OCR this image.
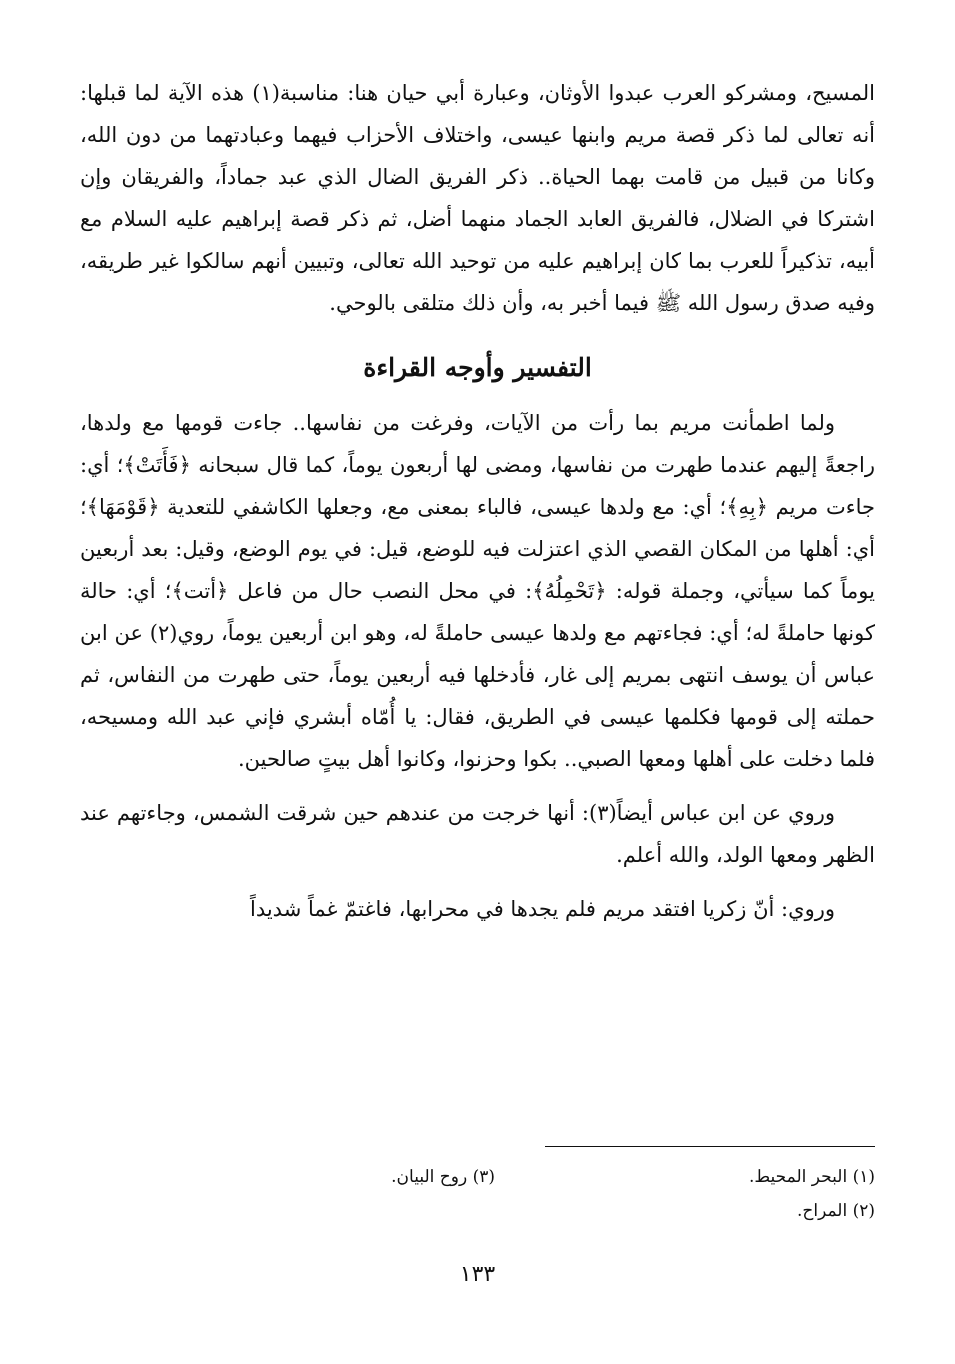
المسيح، ومشركو العرب عبدوا الأوثان، وعبارة أبي حيان هنا: مناسبة(١) هذه الآية لما قبلها: أنه تعالى لما ذكر قصة مريم وابنها عيسى، واختلاف الأحزاب فيهما وعبادتهما من دون الله، وكانا من قبيل من قامت بهما الحياة.. ذكر الفريق الضال الذي عبد جماداً، والفريقان وإن اشتركا في الضلال، فالفريق العابد الجماد منهما أضل، ثم ذكر قصة إبراهيم عليه السلام مع أبيه، تذكيراً للعرب بما كان إبراهيم عليه من توحيد الله تعالى، وتبيين أنهم سالكوا غير طريقه، وفيه صدق رسول الله ﷺ فيما أخبر به، وأن ذلك متلقى بالوحي.

التفسير وأوجه القراءة

ولما اطمأنت مريم بما رأت من الآيات، وفرغت من نفاسها.. جاءت قومها مع ولدها، راجعةً إليهم عندما طهرت من نفاسها، ومضى لها أربعون يوماً، كما قال سبحانه ﴿فَأَتَتْ﴾؛ أي: جاءت مريم ﴿بِهِ﴾؛ أي: مع ولدها عيسى، فالباء بمعنى مع، وجعلها الكاشفي للتعدية ﴿قَوْمَهَا﴾؛ أي: أهلها من المكان القصي الذي اعتزلت فيه للوضع، قيل: في يوم الوضع، وقيل: بعد أربعين يوماً كما سيأتي، وجملة قوله: ﴿تَحْمِلُهُ﴾: في محل النصب حال من فاعل ﴿أتت﴾؛ أي: حالة كونها حاملةً له؛ أي: فجاءتهم مع ولدها عيسى حاملةً له، وهو ابن أربعين يوماً، روي(٢) عن ابن عباس أن يوسف انتهى بمريم إلى غار، فأدخلها فيه أربعين يوماً، حتى طهرت من النفاس، ثم حملته إلى قومها فكلمها عيسى في الطريق، فقال: يا أُمّاه أبشري فإني عبد الله ومسيحه، فلما دخلت على أهلها ومعها الصبي.. بكوا وحزنوا، وكانوا أهل بيتٍ صالحين.

وروي عن ابن عباس أيضاً(٣): أنها خرجت من عندهم حين شرقت الشمس، وجاءتهم عند الظهر ومعها الولد، والله أعلم.

وروي: أنّ زكريا افتقد مريم فلم يجدها في محرابها، فاغتمّ غماً شديداً

(١) البحر المحيط.
(٣) روح البيان.
(٢) المراح.
١٣٣
